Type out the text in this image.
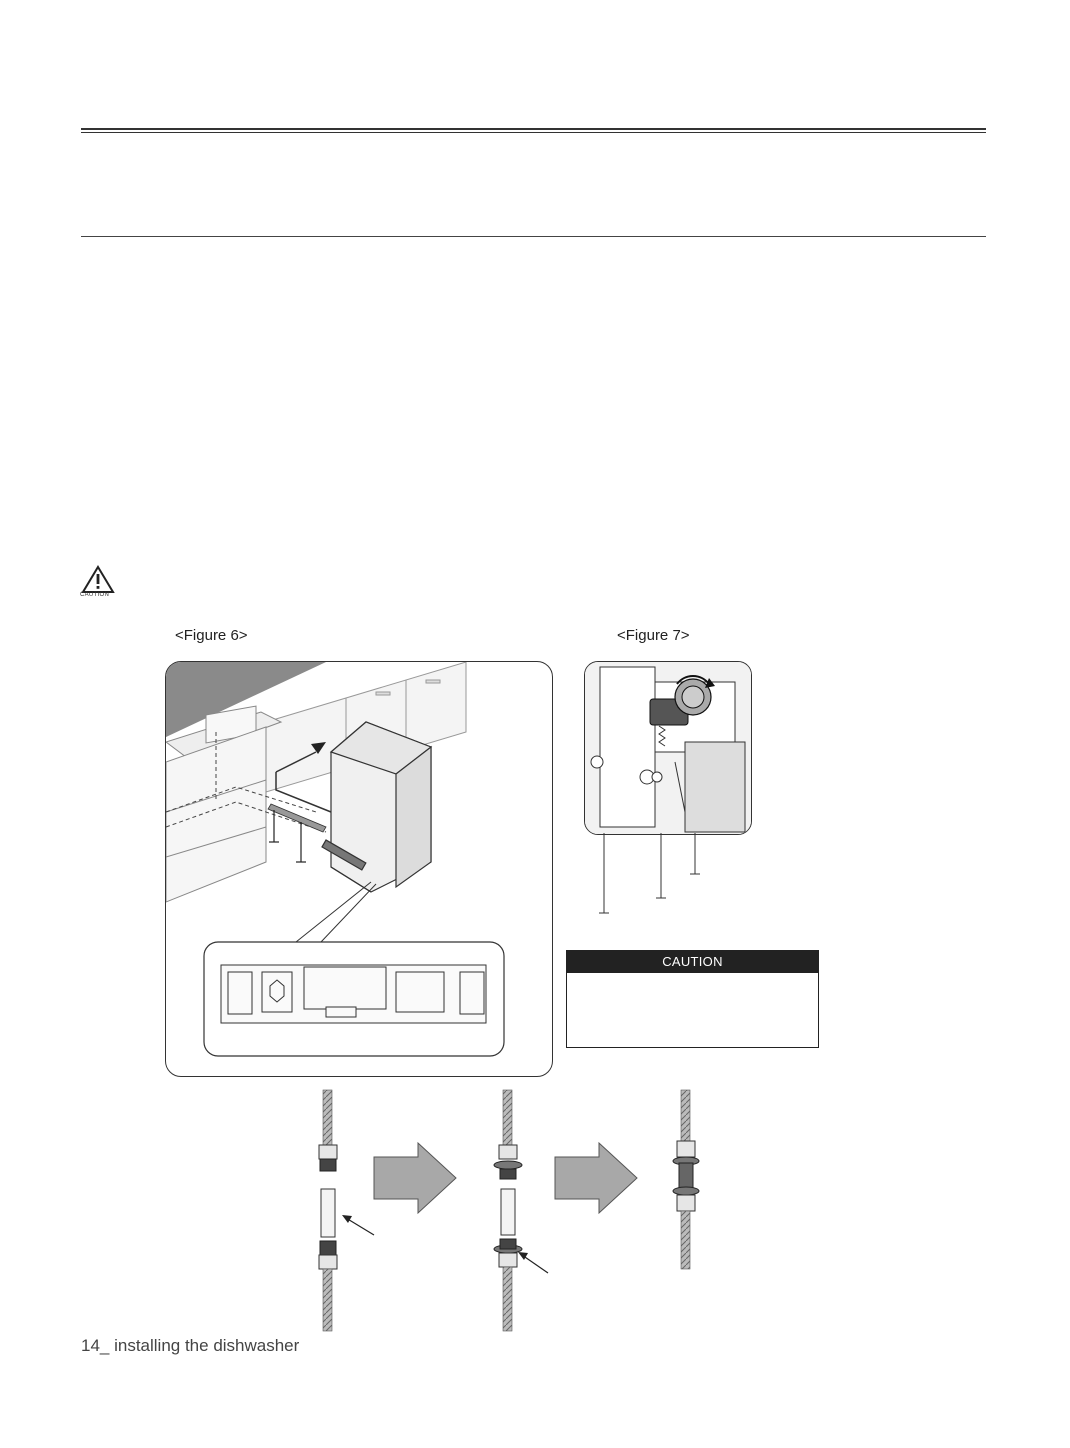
CAUTION
<Figure 6>	<Figure 7>
CAUTION
14_ installing the dishwasher
